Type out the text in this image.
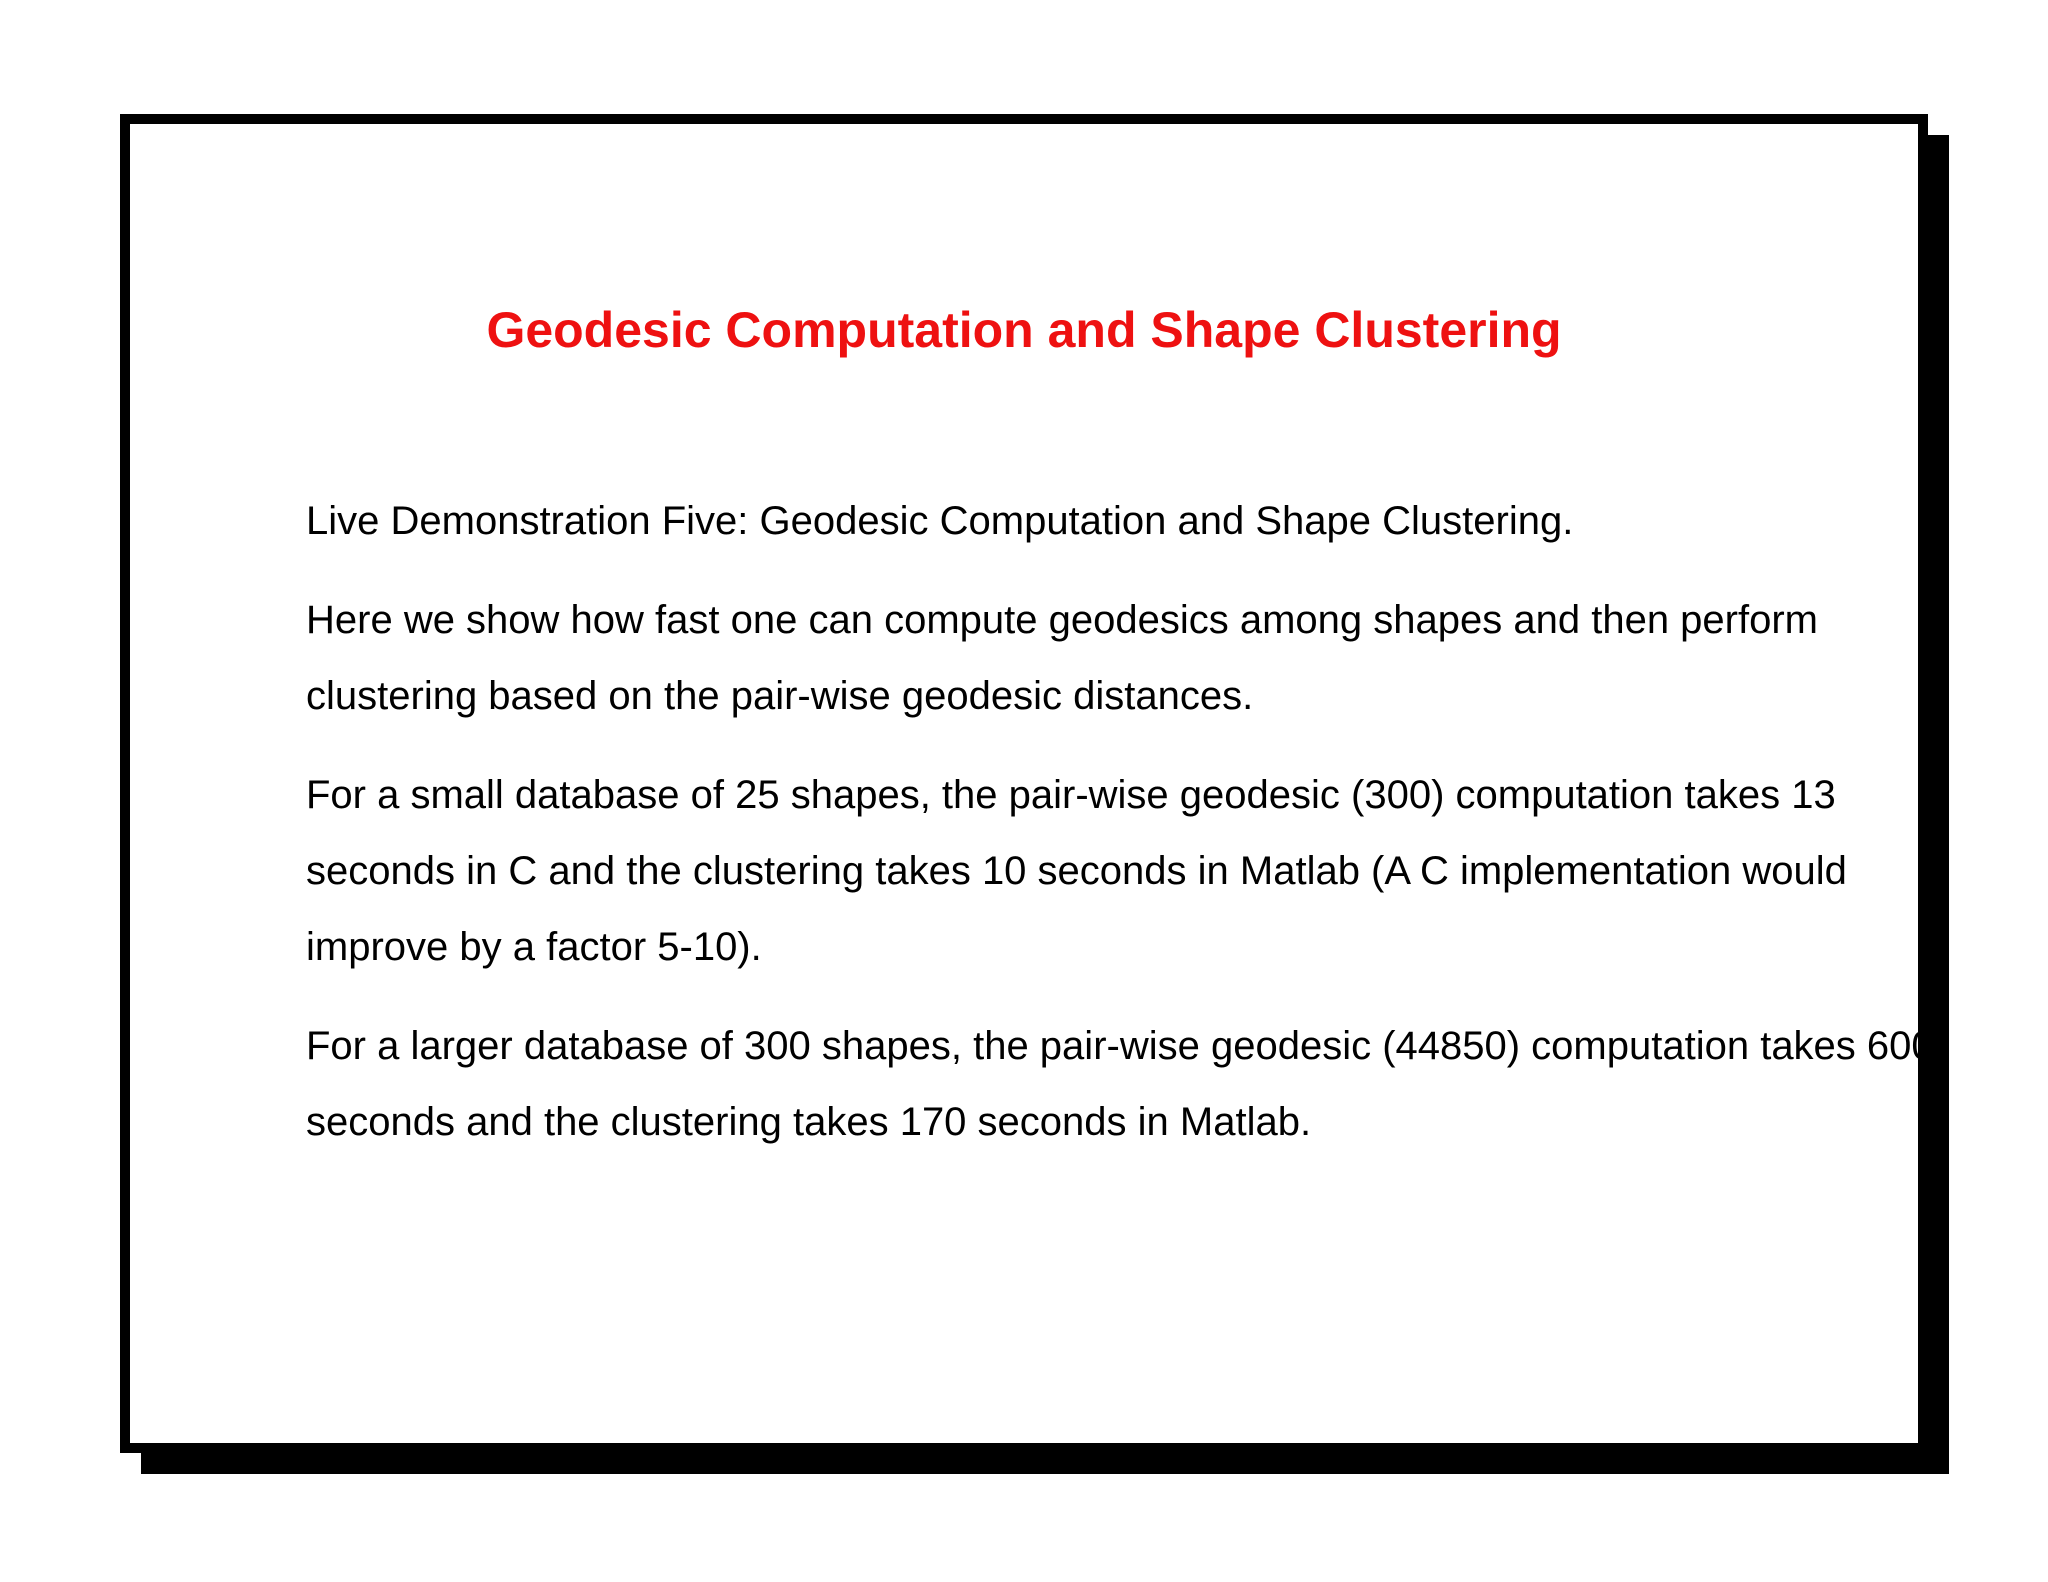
Geodesic Computation and Shape Clustering

Live Demonstration Five: Geodesic Computation and Shape Clustering.

Here we show how fast one can compute geodesics among shapes and then perform clustering based on the pair-wise geodesic distances.

For a small database of 25 shapes, the pair-wise geodesic (300) computation takes 13 seconds in C and the clustering takes 10 seconds in Matlab (A C implementation would improve by a factor 5-10).

For a larger database of 300 shapes, the pair-wise geodesic (44850) computation takes 600 seconds and the clustering takes 170 seconds in Matlab.
